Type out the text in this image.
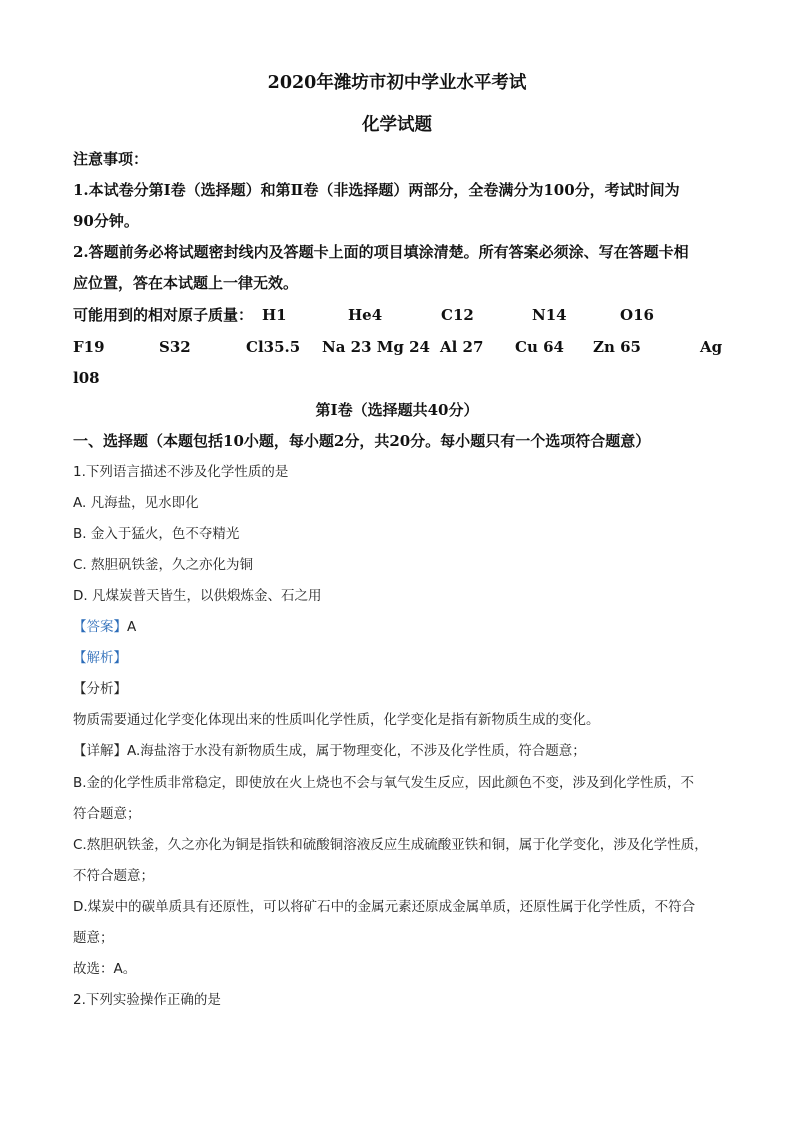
2020年潍坊市初中学业水平考试
化学试题
注意事项：
1.本试卷分第Ⅰ卷（选择题）和第Ⅱ卷（非选择题）两部分，全卷满分为100分，考试时间为
90分钟。
2.答题前务必将试题密封线内及答题卡上面的项目填涂清楚。所有答案必须涂、写在答题卡相
应位置，答在本试题上一律无效。
可能用到的相对原子质量： H1	He4	C12	N14	O16
F19	S32	Cl35.5 Na 23 Mg 24 Al 27 Cu 64 Zn 65	Ag
l08
第Ⅰ卷（选择题共40分）
一、选择题（本题包括10小题，每小题2分，共20分。每小题只有一个选项符合题意）
1.下列语言描述不涉及化学性质的是
A. 凡海盐，见水即化
B. 金入于猛火，色不夺精光
C. 熬胆矾铁釜，久之亦化为铜
D. 凡煤炭普天皆生，以供煅炼金、石之用
【答案】A
【解析】
【分析】
物质需要通过化学变化体现出来的性质叫化学性质，化学变化是指有新物质生成的变化。
【详解】A.海盐溶于水没有新物质生成，属于物理变化，不涉及化学性质，符合题意；
B.金的化学性质非常稳定，即使放在火上烧也不会与氧气发生反应，因此颜色不变，涉及到化学性质，不
符合题意；
C.熬胆矾铁釜，久之亦化为铜是指铁和硫酸铜溶液反应生成硫酸亚铁和铜，属于化学变化，涉及化学性质，
不符合题意；
D.煤炭中的碳单质具有还原性，可以将矿石中的金属元素还原成金属单质，还原性属于化学性质，不符合
题意；
故选：A。
2.下列实验操作正确的是
